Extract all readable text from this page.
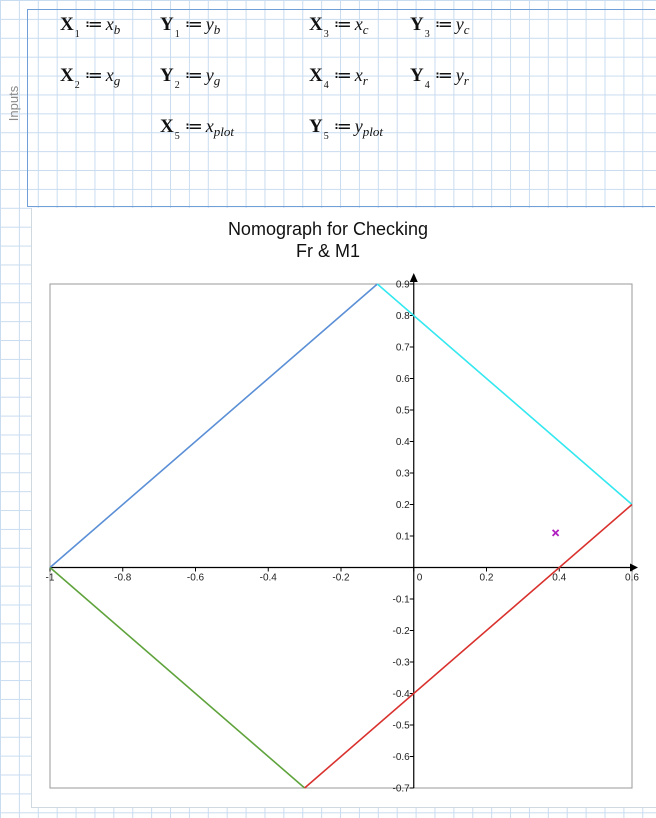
Inputs
$X_1≔$ $x_b$ $Y_1≔$ $y_b$	$X_3≔$ $x_c$ $Y_3≔$ $y_c$
$X_2≔$ $x_g$ $Y_2≔$ $y_g$	$X_4≔$ $x_r$ $Y_4≔$ $y_r$
$X_5≔$ $x_{plot}$	$Y_5≔$ $y_{plot}$
Nomograph for Checking
Fr & M1
-1	-0.8	-0.6	-0.4	-0.2	0	0.2	0.4	0.6
0.9
0.8
0.7
0.6
0.5
0.4
0.3
0.2
0.1
-0.1
-0.2
-0.3
-0.4
-0.5
-0.6
-0.7
